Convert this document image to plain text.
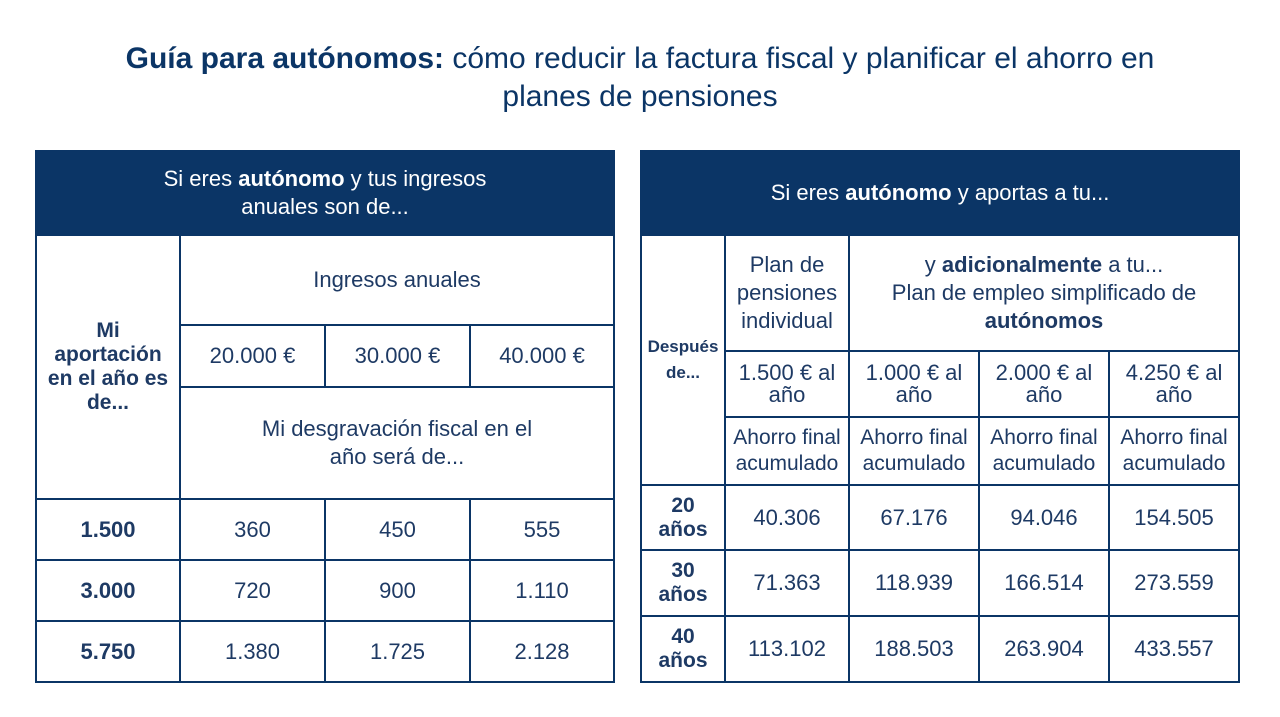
Guía para autónomos: cómo reducir la factura fiscal y planificar el ahorro en
planes de pensiones
Si eres autónomo y tus ingresos
anuales son de...			
Mi aportación en el año es de...	Ingresos anuales		
	20.000 €	30.000 €	40.000 €
	Mi desgravación fiscal en el
año será de...		

1.500	360	450	555
3.000	720	900	1.110
5.750	1.380	1.725	2.128
Si eres autónomo y aportas a tu...				
Después de...	Plan de pensiones individual	y adicionalmente a tu...
Plan de empleo simplificado de
autónomos		
	1.500 € al año	1.000 € al año	2.000 € al año	4.250 € al año
	Ahorro final acumulado	Ahorro final acumulado	Ahorro final acumulado	Ahorro final acumulado
20 años	40.306	67.176	94.046	154.505
30 años	71.363	118.939	166.514	273.559
40 años	113.102	188.503	263.904	433.557
